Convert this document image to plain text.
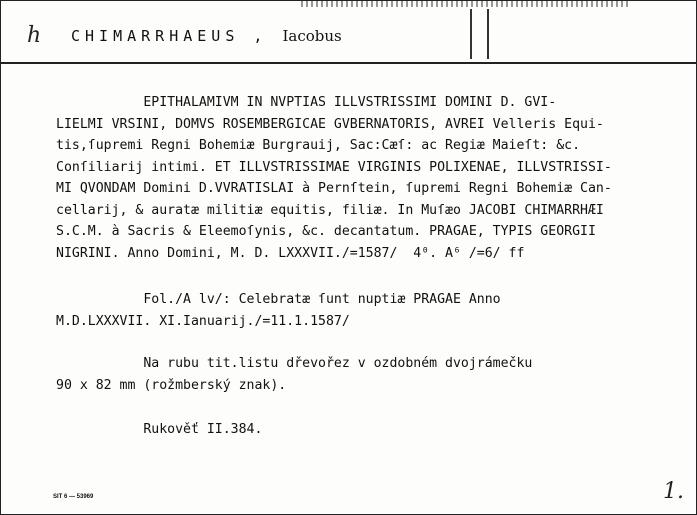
h CHIMARRHAEUS , Iacobus
EPITHALAMIVM IN NVPTIAS ILLVSTRISSIMI DOMINI D. GVI-
LIELMI VRSINI, DOMVS ROSEMBERGICAE GVBERNATORIS, AVREI Velleris Equi-
tis,ſupremi Regni Bohemiæ Burgrauij, Sac:Cæſ: ac Regiæ Maieſt: &c.
Conſiliarij intimi. ET ILLVSTRISSIMAE VIRGINIS POLIXENAE, ILLVSTRISSI-
MI QVONDAM Domini D.VVRATISLAI à Pernſtein, ſupremi Regni Bohemiæ Can-
cellarij, & auratæ militiæ equitis, filiæ. In Muſæo JACOBI CHIMARRHÆI
S.C.M. à Sacris & Eleemoſynis, &c. decantatum. PRAGAE, TYPIS GEORGII
NIGRINI. Anno Domini, M. D. LXXXVII./=1587/  4⁰. A⁶ /=6/ ff
Fol./A lv/: Celebratæ ſunt nuptiæ PRAGAE Anno
M.D.LXXXVII. XI.Ianuarij./=11.1.1587/
Na rubu tit.listu dřevořez v ozdobném dvojrámečku
90 x 82 mm (rožmberský znak).
Rukověť II.384.
SIT 6 — 53969	1.
